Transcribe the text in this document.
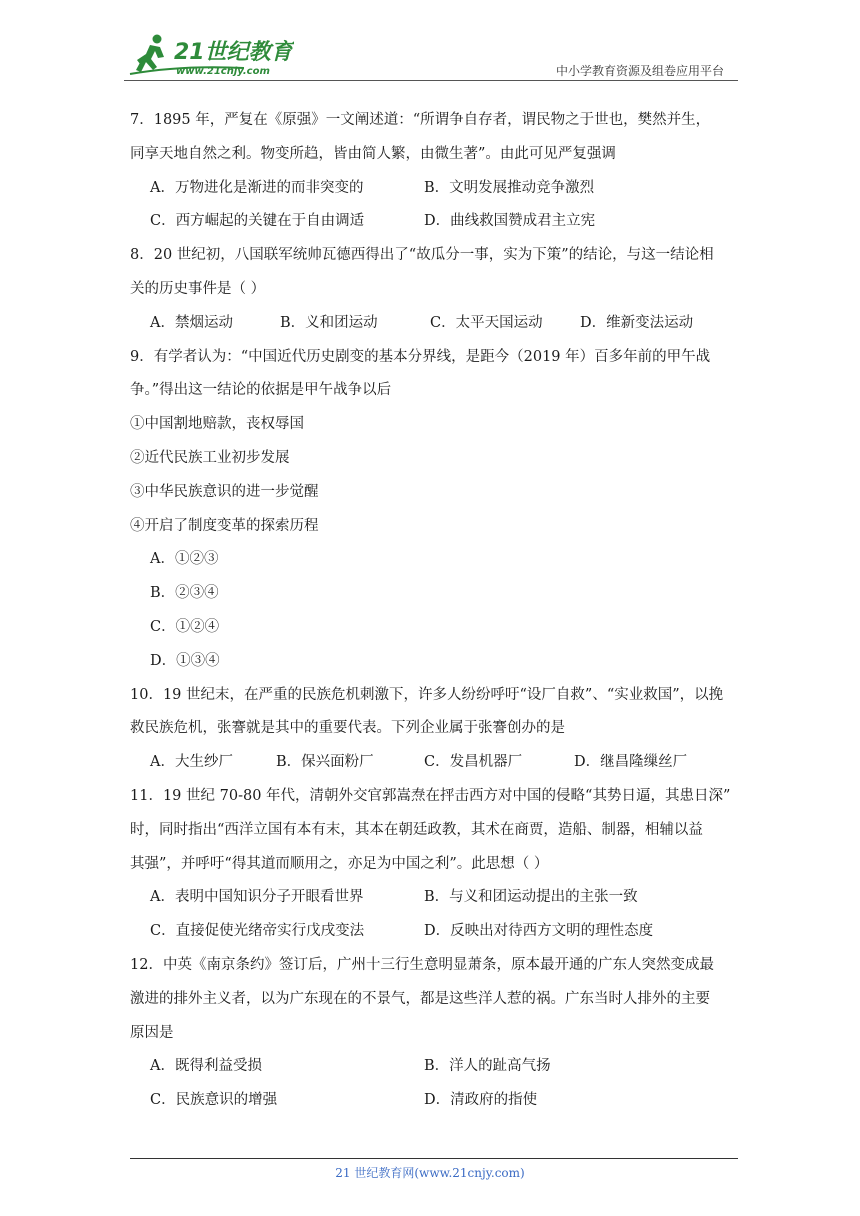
21世纪教育
www.21cnjy.com	中小学教育资源及组卷应用平台
7．1895 年，严复在《原强》一文阐述道：“所谓争自存者，谓民物之于世也，樊然并生，
同享天地自然之利。物变所趋，皆由简人繁，由微生著”。由此可见严复强调
A．万物进化是渐进的而非突变的	B．文明发展推动竞争激烈
C．西方崛起的关键在于自由调适	D．曲线救国赞成君主立宪
8．20 世纪初，八国联军统帅瓦德西得出了“故瓜分一事，实为下策”的结论，与这一结论相
关的历史事件是（ ）
A．禁烟运动	B．义和团运动	C．太平天国运动	D．维新变法运动
9．有学者认为：“中国近代历史剧变的基本分界线，是距今（2019 年）百多年前的甲午战
争。”得出这一结论的依据是甲午战争以后
①中国割地赔款，丧权辱国
②近代民族工业初步发展
③中华民族意识的进一步觉醒
④开启了制度变革的探索历程
A．①②③
B．②③④
C．①②④
D．①③④
10．19 世纪末，在严重的民族危机刺激下，许多人纷纷呼吁“设厂自救”、“实业救国”，以挽
救民族危机，张謇就是其中的重要代表。下列企业属于张謇创办的是
A．大生纱厂	B．保兴面粉厂	C．发昌机器厂	D．继昌隆缫丝厂
11．19 世纪 70-80 年代，清朝外交官郭嵩焘在抨击西方对中国的侵略“其势日逼，其患日深”
时，同时指出“西洋立国有本有末，其本在朝廷政教，其术在商贾，造船、制器，相辅以益
其强”，并呼吁“得其道而顺用之，亦足为中国之利”。此思想（ ）
A．表明中国知识分子开眼看世界	B．与义和团运动提出的主张一致
C．直接促使光绪帝实行戊戌变法	D．反映出对待西方文明的理性态度
12．中英《南京条约》签订后，广州十三行生意明显萧条，原本最开通的广东人突然变成最
激进的排外主义者，以为广东现在的不景气，都是这些洋人惹的祸。广东当时人排外的主要
原因是
A．既得利益受损	B．洋人的趾高气扬
C．民族意识的增强	D．清政府的指使
21 世纪教育网(www.21cnjy.com)
